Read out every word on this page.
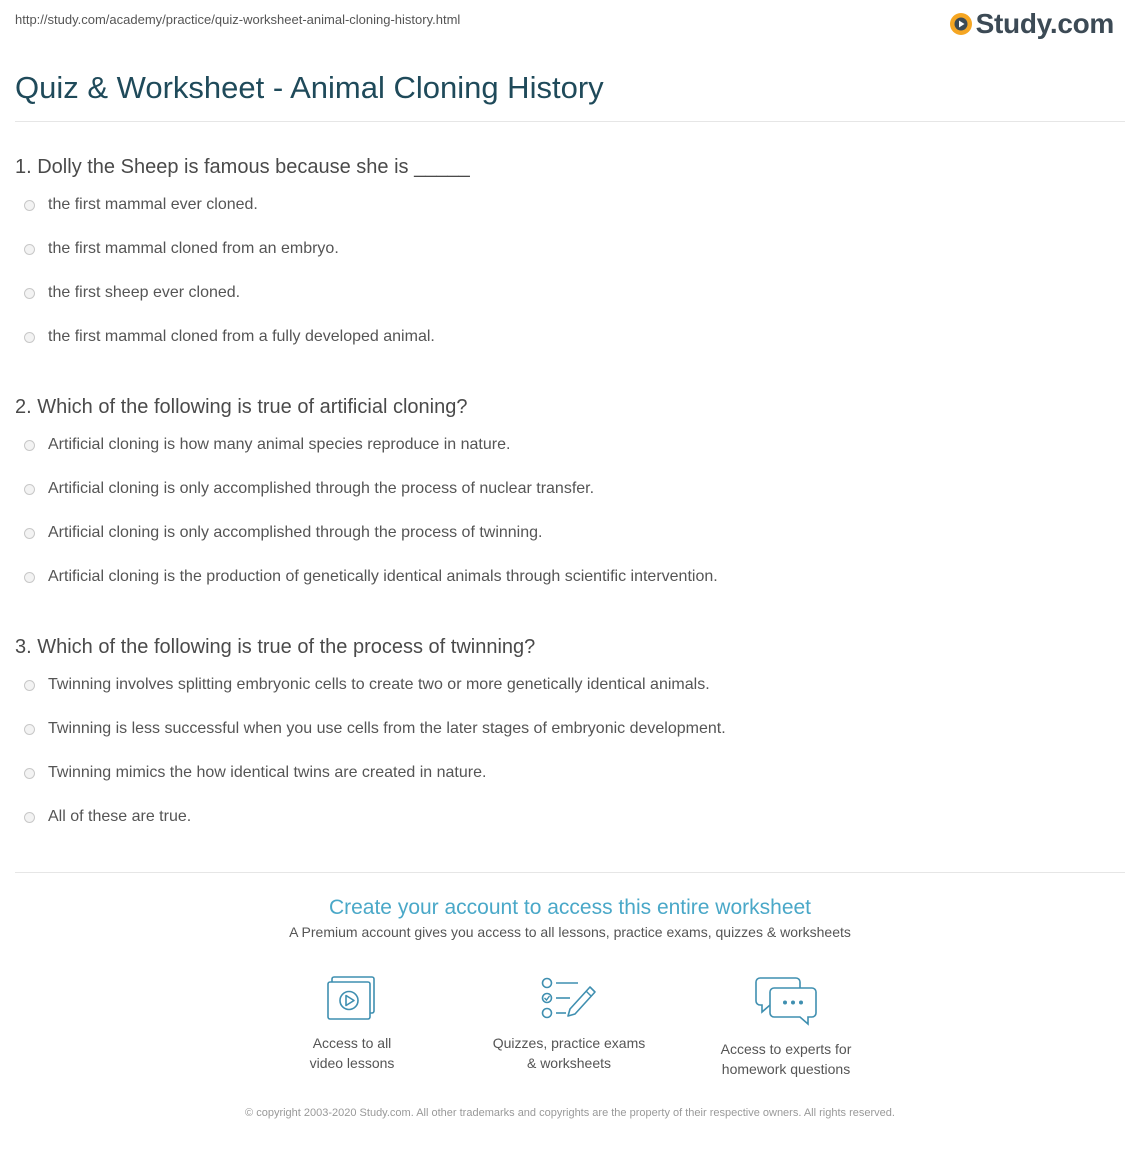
http://study.com/academy/practice/quiz-worksheet-animal-cloning-history.html	Study.com
Quiz & Worksheet - Animal Cloning History
1. Dolly the Sheep is famous because she is _____
the first mammal ever cloned.
the first mammal cloned from an embryo.
the first sheep ever cloned.
the first mammal cloned from a fully developed animal.
2. Which of the following is true of artificial cloning?
Artificial cloning is how many animal species reproduce in nature.
Artificial cloning is only accomplished through the process of nuclear transfer.
Artificial cloning is only accomplished through the process of twinning.
Artificial cloning is the production of genetically identical animals through scientific intervention.
3. Which of the following is true of the process of twinning?
Twinning involves splitting embryonic cells to create two or more genetically identical animals.
Twinning is less successful when you use cells from the later stages of embryonic development.
Twinning mimics the how identical twins are created in nature.
All of these are true.
Create your account to access this entire worksheet

A Premium account gives you access to all lessons, practice exams, quizzes & worksheets

Access to all
video lessons
Quizzes, practice exams
& worksheets
Access to experts for
homework questions
© copyright 2003-2020 Study.com. All other trademarks and copyrights are the property of their respective owners. All rights reserved.
